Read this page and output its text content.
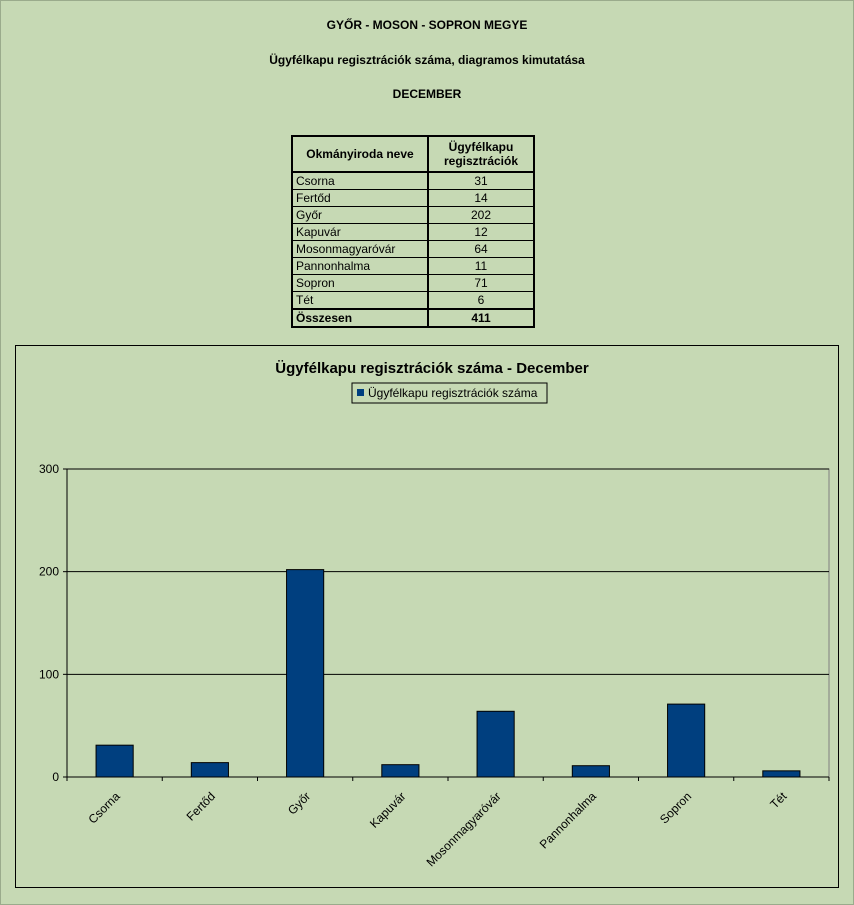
GYŐR - MOSON - SOPRON MEGYE
Ügyfélkapu regisztrációk száma, diagramos kimutatása
DECEMBER
Okmányiroda neve	Ügyfélkapu
regisztrációk
Csorna	31
Fertőd	14
Győr	202
Kapuvár	12
Mosonmagyaróvár	64
Pannonhalma	11
Sopron	71
Tét	6
Összesen	411
Ügyfélkapu regisztrációk száma - December
Ügyfélkapu regisztrációk száma
0
100
200
300
Csorna	Fertőd	Győr	Kapuvár Mosonmagyaróvár	Pannonhalma	Sopron	Tét
